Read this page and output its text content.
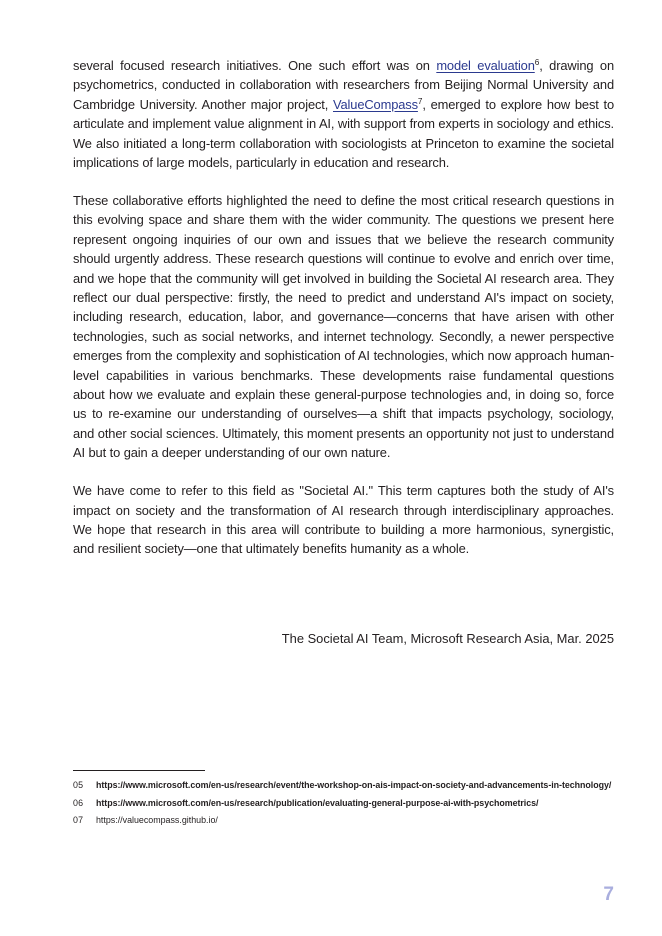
several focused research initiatives. One such effort was on model evaluation$^6$, drawing on psychometrics, conducted in collaboration with researchers from Beijing Normal University and Cambridge University. Another major project, ValueCompass$^7$, emerged to explore how best to articulate and implement value alignment in AI, with support from experts in sociology and ethics. We also initiated a long-term collaboration with sociologists at Princeton to examine the societal implications of large models, particularly in education and research.

These collaborative efforts highlighted the need to define the most critical research questions in this evolving space and share them with the wider community. The questions we present here represent ongoing inquiries of our own and issues that we believe the research community should urgently address. These research questions will continue to evolve and enrich over time, and we hope that the community will get involved in building the Societal AI research area. They reflect our dual perspective: firstly, the need to predict and understand AI's impact on society, including research, education, labor, and governance—concerns that have arisen with other technologies, such as social networks, and internet technology. Secondly, a newer perspective emerges from the complexity and sophistication of AI technologies, which now approach human-level capabilities in various benchmarks. These developments raise fundamental questions about how we evaluate and explain these general-purpose technologies and, in doing so, force us to re-examine our understanding of ourselves—a shift that impacts psychology, sociology, and other social sciences. Ultimately, this moment presents an opportunity not just to understand AI but to gain a deeper understanding of our own nature.

We have come to refer to this field as "Societal AI." This term captures both the study of AI's impact on society and the transformation of AI research through interdisciplinary approaches. We hope that research in this area will contribute to building a more harmonious, synergistic, and resilient society—one that ultimately benefits humanity as a whole.

The Societal AI Team, Microsoft Research Asia, Mar. 2025
05	https://www.microsoft.com/en-us/research/event/the-workshop-on-ais-impact-on-society-and-advancements-in-technology/
06	https://www.microsoft.com/en-us/research/publication/evaluating-general-purpose-ai-with-psychometrics/
07	https://valuecompass.github.io/
7
